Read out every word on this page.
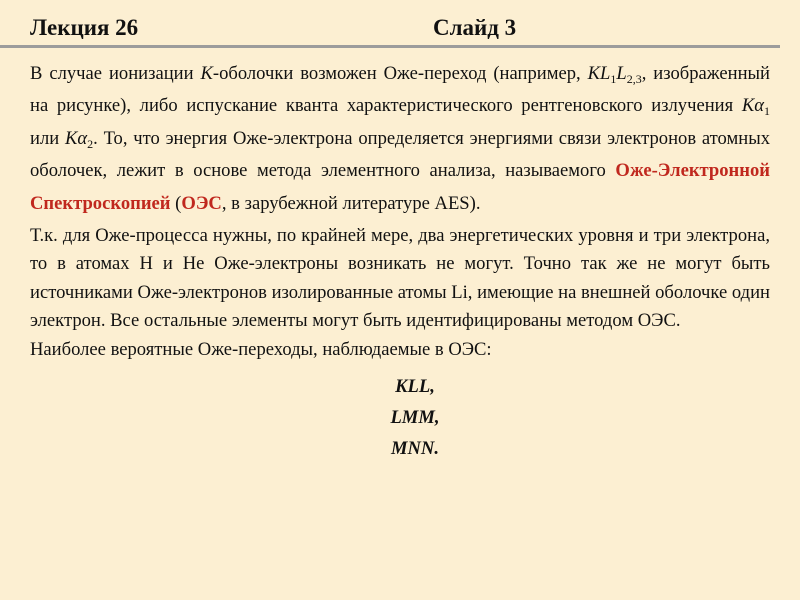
Лекция 26	Слайд 3

В случае ионизации К-оболочки возможен Оже-переход (например, $KL_1L_{2,3}$, изображенный на рисунке), либо испускание кванта характеристического рентгеновского излучения $K\alpha_1$ или $K\alpha_2$. То, что энергия Оже-электрона определяется энергиями связи электронов атомных оболочек, лежит в основе метода элементного анализа, называемого Оже-Электронной Спектроскопией (ОЭС, в зарубежной литературе AES).

Т.к. для Оже-процесса нужны, по крайней мере, два энергетических уровня и три электрона, то в атомах H и He Оже-электроны возникать не могут. Точно так же не могут быть источниками Оже-электронов изолированные атомы Li, имеющие на внешней оболочке один электрон. Все остальные элементы могут быть идентифицированы методом ОЭС.

Наиболее вероятные Оже-переходы, наблюдаемые в ОЭС:

KLL,
LMM,
MNN.
